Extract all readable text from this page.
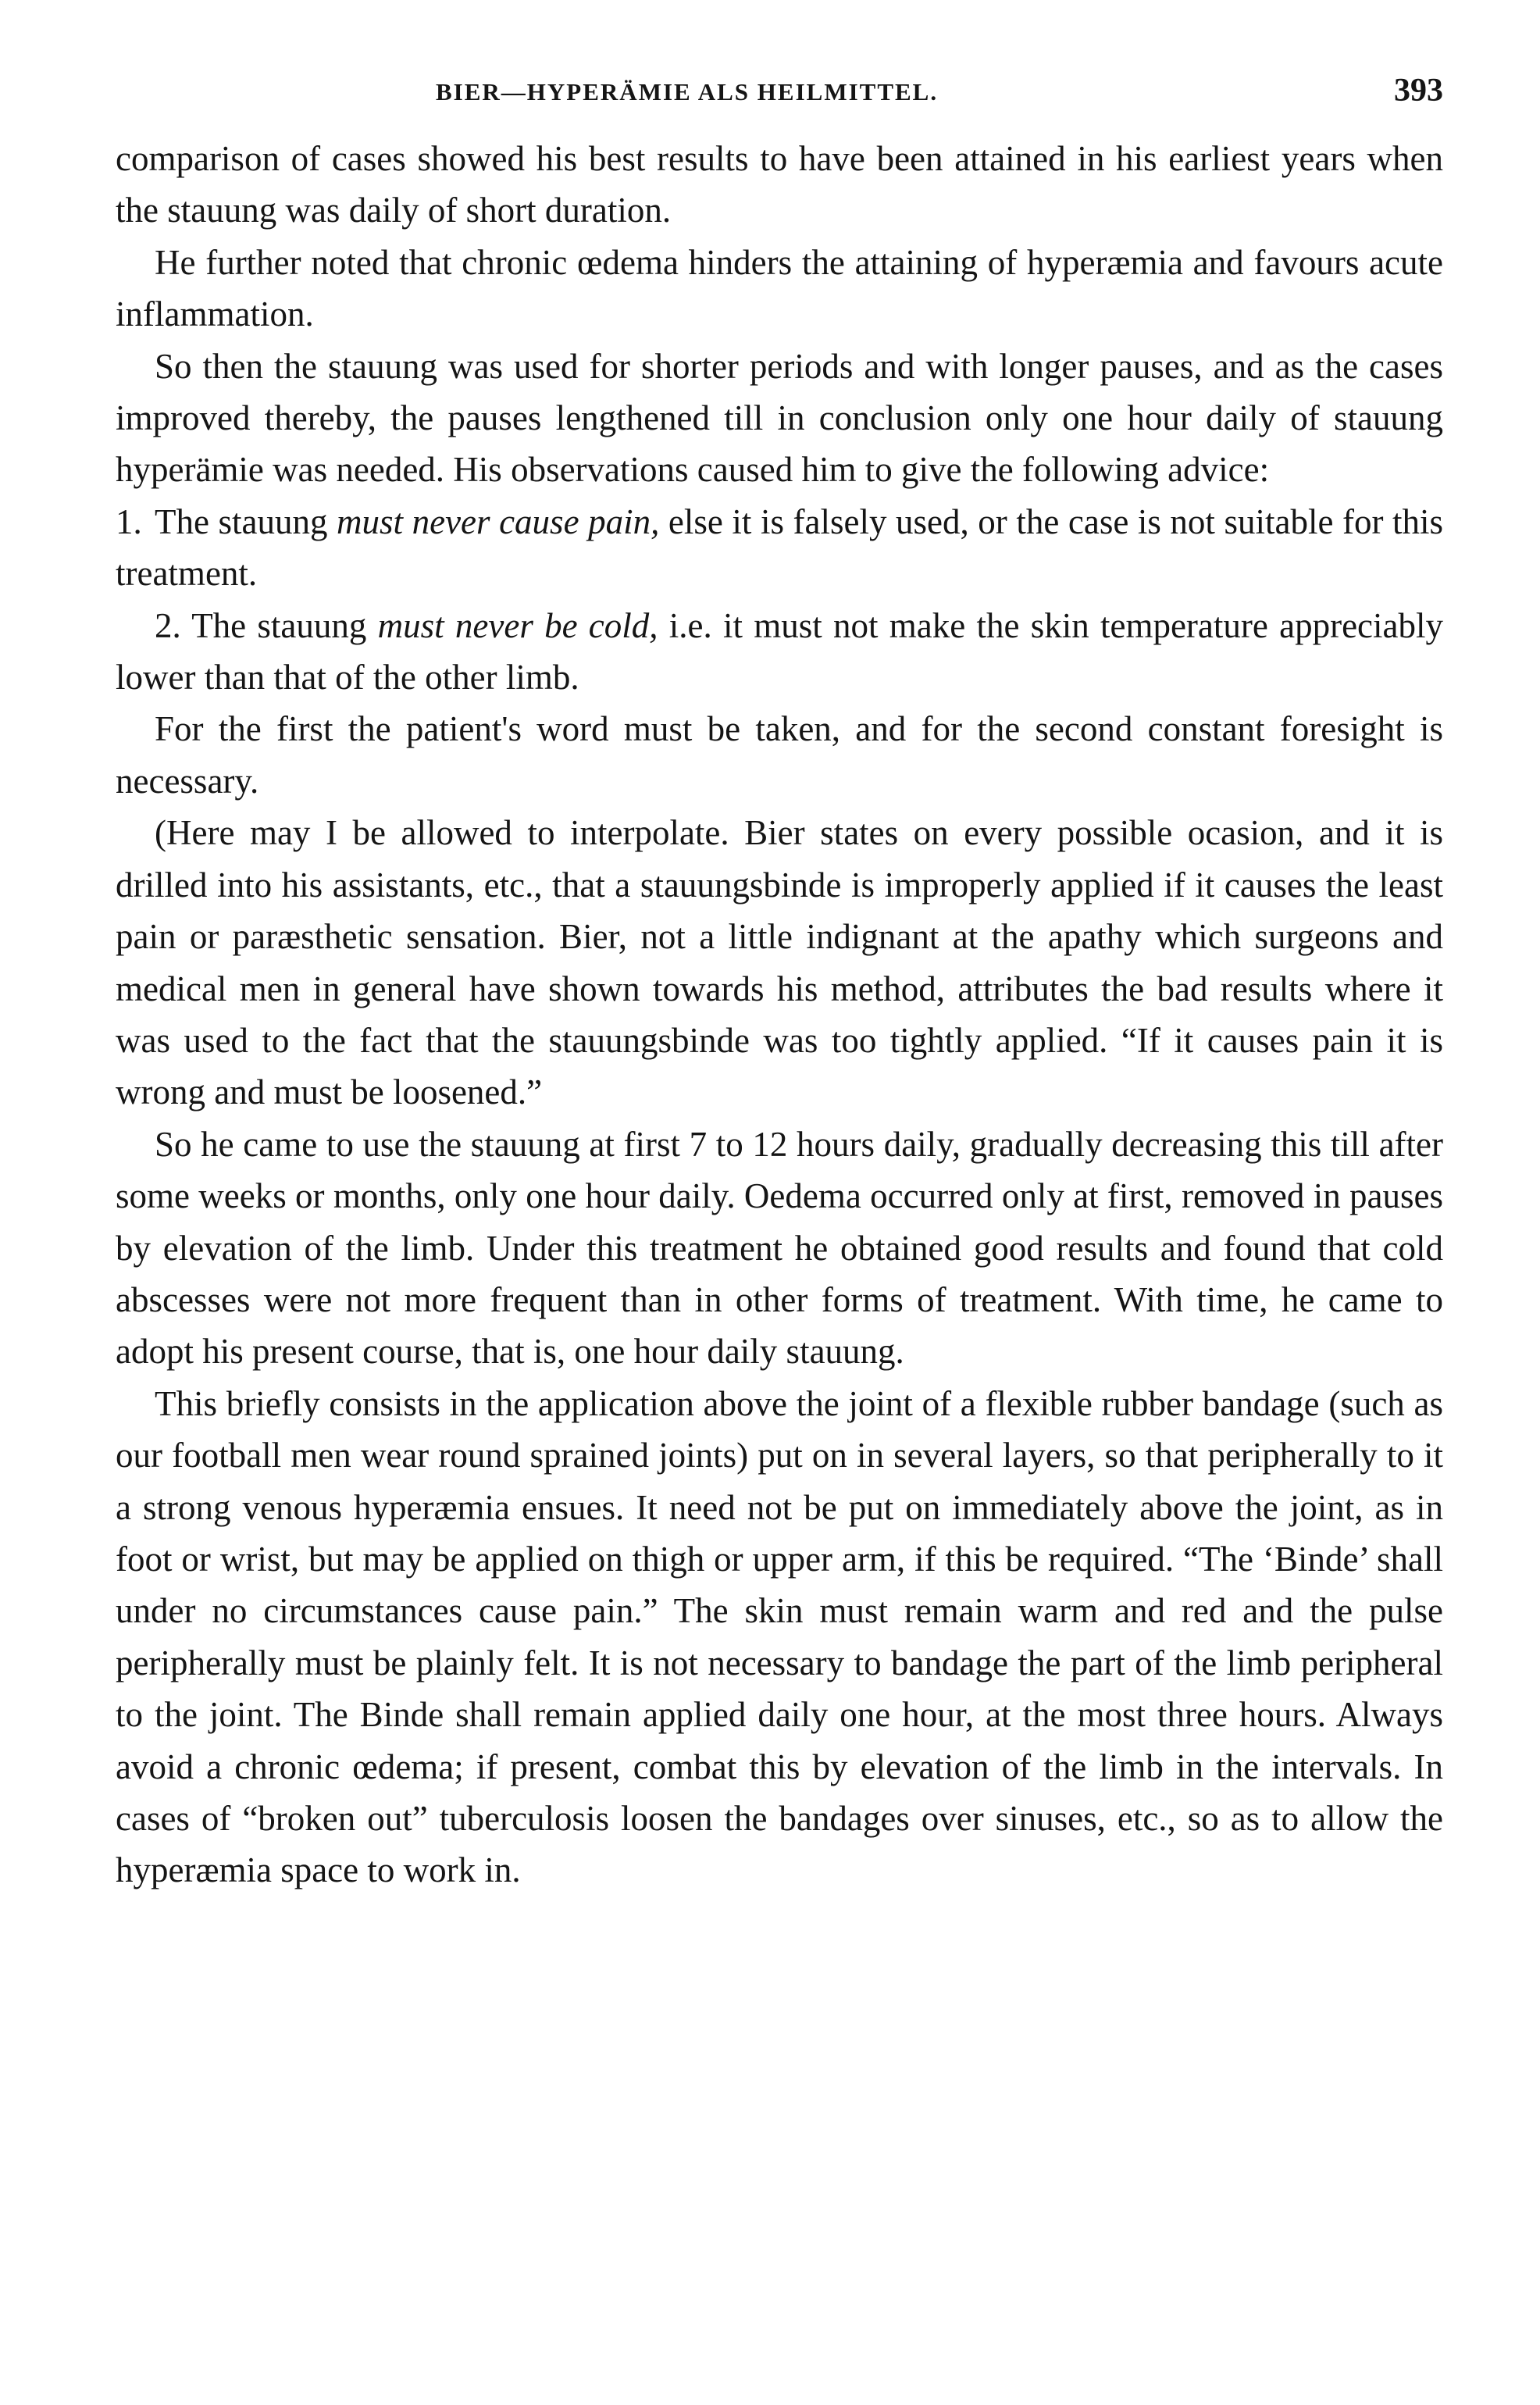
BIER—HYPERÄMIE ALS HEILMITTEL.	393

comparison of cases showed his best results to have been attained in his earliest years when the stauung was daily of short duration.

He further noted that chronic œdema hinders the attaining of hyperæmia and favours acute inflammation.

So then the stauung was used for shorter periods and with longer pauses, and as the cases improved thereby, the pauses lengthened till in conclusion only one hour daily of stauung hyperämie was needed. His observations caused him to give the following advice:

1. The stauung must never cause pain, else it is falsely used, or the case is not suitable for this treatment.

2. The stauung must never be cold, i.e. it must not make the skin temperature appreciably lower than that of the other limb.

For the first the patient's word must be taken, and for the second constant foresight is necessary.

(Here may I be allowed to interpolate. Bier states on every possible ocasion, and it is drilled into his assistants, etc., that a stauungsbinde is improperly applied if it causes the least pain or paræsthetic sensation. Bier, not a little indignant at the apathy which surgeons and medical men in general have shown towards his method, attributes the bad results where it was used to the fact that the stauungsbinde was too tightly applied. “If it causes pain it is wrong and must be loosened.”

So he came to use the stauung at first 7 to 12 hours daily, gradually decreasing this till after some weeks or months, only one hour daily. Oedema occurred only at first, removed in pauses by elevation of the limb. Under this treatment he obtained good results and found that cold abscesses were not more frequent than in other forms of treatment. With time, he came to adopt his present course, that is, one hour daily stauung.

This briefly consists in the application above the joint of a flexible rubber bandage (such as our football men wear round sprained joints) put on in several layers, so that peripherally to it a strong venous hyperæmia ensues. It need not be put on immediately above the joint, as in foot or wrist, but may be applied on thigh or upper arm, if this be required. “The ‘Binde’ shall under no circumstances cause pain.” The skin must remain warm and red and the pulse peripherally must be plainly felt. It is not necessary to bandage the part of the limb peripheral to the joint. The Binde shall remain applied daily one hour, at the most three hours. Always avoid a chronic œdema; if present, combat this by elevation of the limb in the intervals. In cases of “broken out” tuberculosis loosen the bandages over sinuses, etc., so as to allow the hyperæmia space to work in.
